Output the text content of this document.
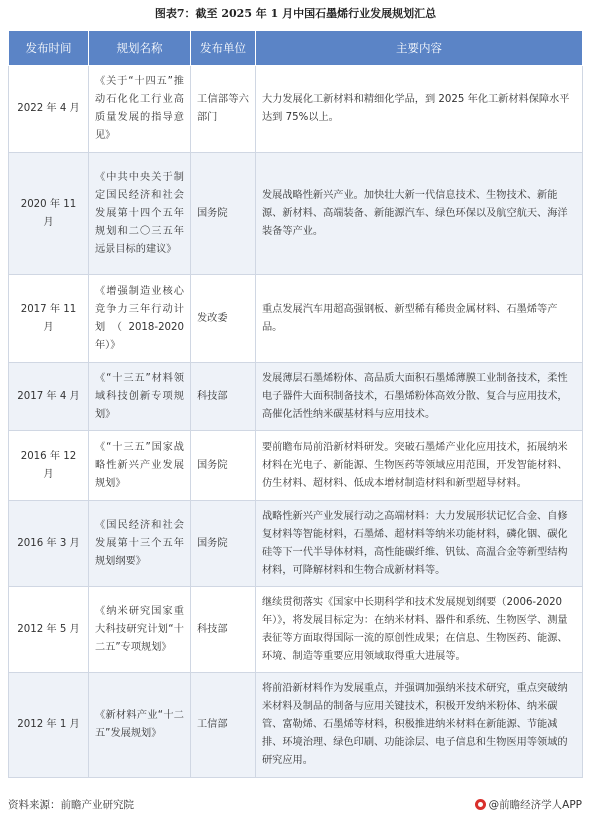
图表7：截至 2025 年 1 月中国石墨烯行业发展规划汇总
发布时间	规划名称	发布单位	主要内容
2022 年 4 月	《关于“十四五”推动石化化工行业高质量发展的指导意见》	工信部等六部门	大力发展化工新材料和精细化学品，到 2025 年化工新材料保障水平达到 75%以上。
2020 年 11 月	《中共中央关于制定国民经济和社会发展第十四个五年规划和二〇三五年远景目标的建议》	国务院	发展战略性新兴产业。加快壮大新一代信息技术、生物技术、新能源、新材料、高端装备、新能源汽车、绿色环保以及航空航天、海洋装备等产业。
2017 年 11 月	《增强制造业核心竞争力三年行动计划（2018-2020 年）》	发改委	重点发展汽车用超高强钢板、新型稀有稀贵金属材料、石墨烯等产品。
2017 年 4 月	《“十三五”材料领域科技创新专项规划》	科技部	发展薄层石墨烯粉体、高品质大面积石墨烯薄膜工业制备技术，柔性电子器件大面积制备技术，石墨烯粉体高效分散、复合与应用技术，高催化活性纳米碳基材料与应用技术。
2016 年 12 月	《“十三五”国家战略性新兴产业发展规划》	国务院	要前瞻布局前沿新材料研发。突破石墨烯产业化应用技术，拓展纳米材料在光电子、新能源、生物医药等领域应用范围，开发智能材料、仿生材料、超材料、低成本增材制造材料和新型超导材料。
2016 年 3 月	《国民经济和社会发展第十三个五年规划纲要》	国务院	战略性新兴产业发展行动之高端材料：大力发展形状记忆合金、自修复材料等智能材料，石墨烯、超材料等纳米功能材料，磷化铟、碳化硅等下一代半导体材料，高性能碳纤维、钒钛、高温合金等新型结构材料，可降解材料和生物合成新材料等。
2012 年 5 月	《纳米研究国家重大科技研究计划“十二五”专项规划》	科技部	继续贯彻落实《国家中长期科学和技术发展规划纲要（2006-2020 年）》，将发展目标定为：在纳米材料、器件和系统、生物医学、测量表征等方面取得国际一流的原创性成果；在信息、生物医药、能源、环境、制造等重要应用领域取得重大进展等。
2012 年 1 月	《新材料产业“十二五”发展规划》	工信部	将前沿新材料作为发展重点，并强调加强纳米技术研究，重点突破纳米材料及制品的制备与应用关键技术，积极开发纳米粉体、纳米碳管、富勒烯、石墨烯等材料，积极推进纳米材料在新能源、节能减排、环境治理、绿色印刷、功能涂层、电子信息和生物医用等领域的研究应用。
资料来源：前瞻产业研究院	@前瞻经济学人APP
